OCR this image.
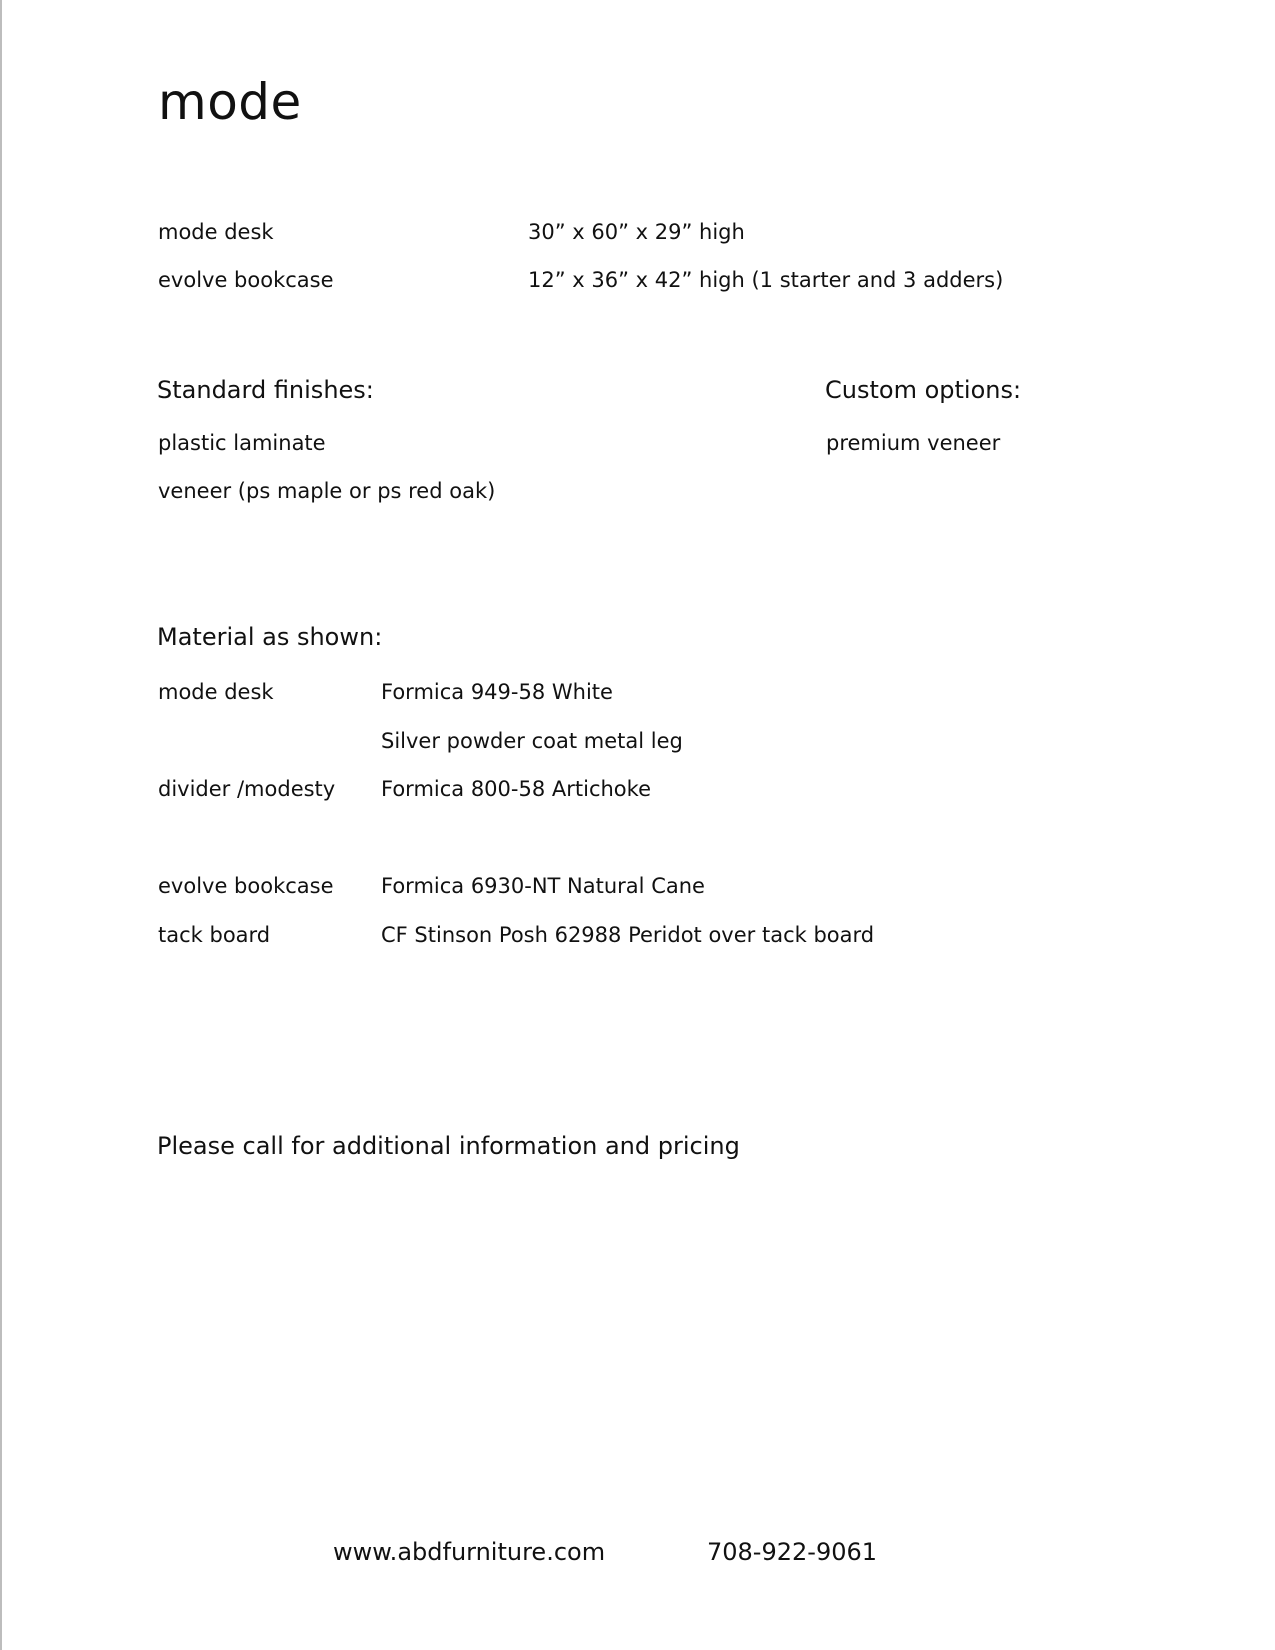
mode
mode desk	30” x 60” x 29” high
evolve bookcase	12” x 36” x 42” high (1 starter and 3 adders)
Standard finishes:
plastic laminate
veneer (ps maple or ps red oak)
Custom options:
premium veneer
Material as shown:
mode desk	Formica 949-58 White
Silver powder coat metal leg
divider /modesty Formica 800-58 Artichoke
evolve bookcase Formica 6930-NT Natural Cane
tack board	CF Stinson Posh 62988 Peridot over tack board
Please call for additional information and pricing
www.abdfurniture.com	708-922-9061
